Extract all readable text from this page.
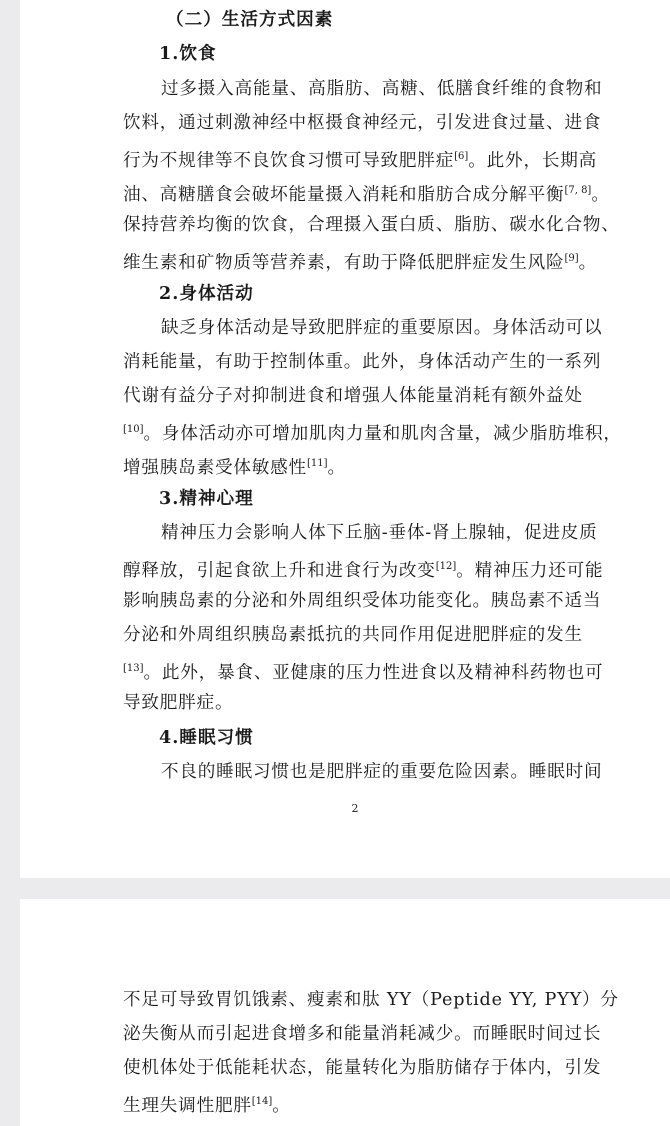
（二）生活方式因素
1.饮食
过多摄入高能量、高脂肪、高糖、低膳食纤维的食物和
饮料，通过刺激神经中枢摄食神经元，引发进食过量、进食
行为不规律等不良饮食习惯可导致肥胖症[6]。此外，长期高
油、高糖膳食会破坏能量摄入消耗和脂肪合成分解平衡[7, 8]。
保持营养均衡的饮食，合理摄入蛋白质、脂肪、碳水化合物、
维生素和矿物质等营养素，有助于降低肥胖症发生风险[9]。
2.身体活动
缺乏身体活动是导致肥胖症的重要原因。身体活动可以
消耗能量，有助于控制体重。此外，身体活动产生的一系列
代谢有益分子对抑制进食和增强人体能量消耗有额外益处
[10]。身体活动亦可增加肌肉力量和肌肉含量，减少脂肪堆积，
增强胰岛素受体敏感性[11]。
3.精神心理
精神压力会影响人体下丘脑-垂体-肾上腺轴，促进皮质
醇释放，引起食欲上升和进食行为改变[12]。精神压力还可能
影响胰岛素的分泌和外周组织受体功能变化。胰岛素不适当
分泌和外周组织胰岛素抵抗的共同作用促进肥胖症的发生
[13]。此外，暴食、亚健康的压力性进食以及精神科药物也可
导致肥胖症。
4.睡眠习惯
不良的睡眠习惯也是肥胖症的重要危险因素。睡眠时间
2
不足可导致胃饥饿素、瘦素和肽 YY（Peptide YY, PYY）分
泌失衡从而引起进食增多和能量消耗减少。而睡眠时间过长
使机体处于低能耗状态，能量转化为脂肪储存于体内，引发
生理失调性肥胖[14]。
